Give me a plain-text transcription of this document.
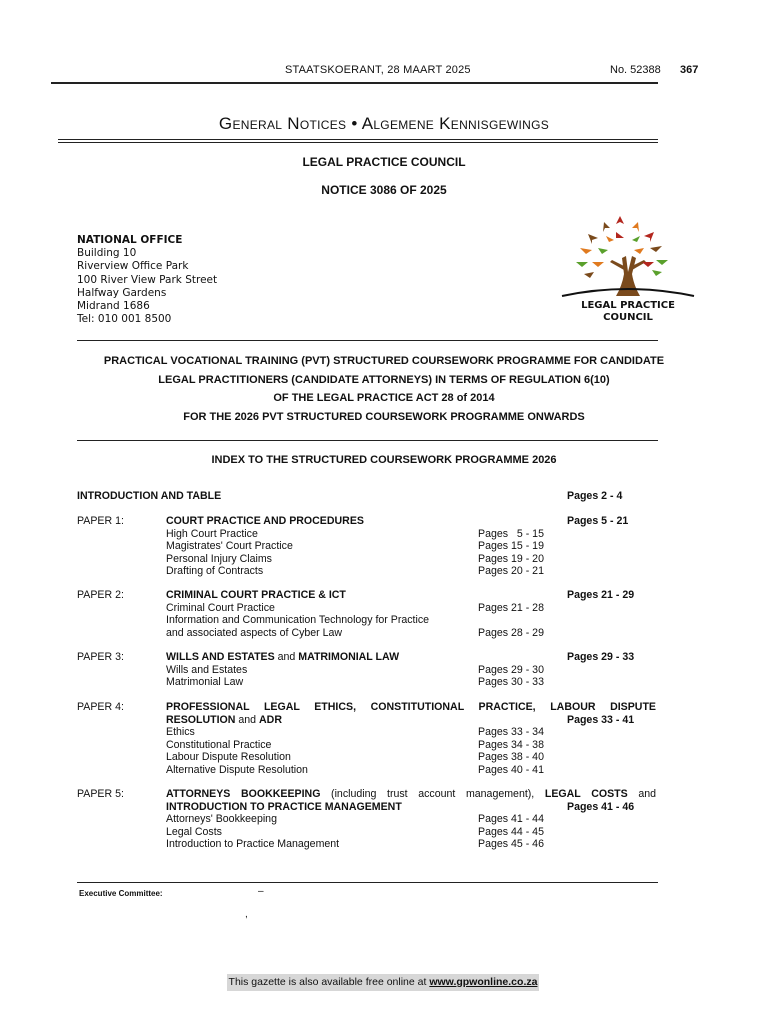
STAATSKOERANT, 28 MAART 2025	No. 52388 367
General Notices • Algemene Kennisgewings
LEGAL PRACTICE COUNCIL
NOTICE 3086 OF 2025
NATIONAL OFFICE
Building 10
Riverview Office Park
100 River View Park Street
Halfway Gardens
Midrand 1686
Tel: 010 001 8500
LEGAL PRACTICE
COUNCIL
PRACTICAL VOCATIONAL TRAINING (PVT) STRUCTURED COURSEWORK PROGRAMME FOR CANDIDATE
LEGAL PRACTITIONERS (CANDIDATE ATTORNEYS) IN TERMS OF REGULATION 6(10)
OF THE LEGAL PRACTICE ACT 28 of 2014
FOR THE 2026 PVT STRUCTURED COURSEWORK PROGRAMME ONWARDS
INDEX TO THE STRUCTURED COURSEWORK PROGRAMME 2026
INTRODUCTION AND TABLE	Pages 2 - 4
PAPER 1:	COURT PRACTICE AND PROCEDURES	Pages 5 - 21
High Court Practice	Pages   5 - 15
Magistrates' Court Practice	Pages 15 - 19
Personal Injury Claims	Pages 19 - 20
Drafting of Contracts	Pages 20 - 21
PAPER 2:	CRIMINAL COURT PRACTICE & ICT	Pages 21 - 29
Criminal Court Practice	Pages 21 - 28
Information and Communication Technology for Practice
and associated aspects of Cyber Law	Pages 28 - 29
PAPER 3:	WILLS AND ESTATES and MATRIMONIAL LAW	Pages 29 - 33
Wills and Estates	Pages 29 - 30
Matrimonial Law	Pages 30 - 33
PAPER 4:	PROFESSIONAL LEGAL ETHICS, CONSTITUTIONAL PRACTICE, LABOUR DISPUTE
RESOLUTION and ADR	Pages 33 - 41
Ethics	Pages 33 - 34
Constitutional Practice	Pages 34 - 38
Labour Dispute Resolution	Pages 38 - 40
Alternative Dispute Resolution	Pages 40 - 41
PAPER 5:	ATTORNEYS BOOKKEEPING (including trust account management), LEGAL COSTS and
INTRODUCTION TO PRACTICE MANAGEMENT	Pages 41 - 46
Attorneys' Bookkeeping	Pages 41 - 44
Legal Costs	Pages 44 - 45
Introduction to Practice Management	Pages 45 - 46
Executive Committee:	–
,
This gazette is also available free online at www.gpwonline.co.za
